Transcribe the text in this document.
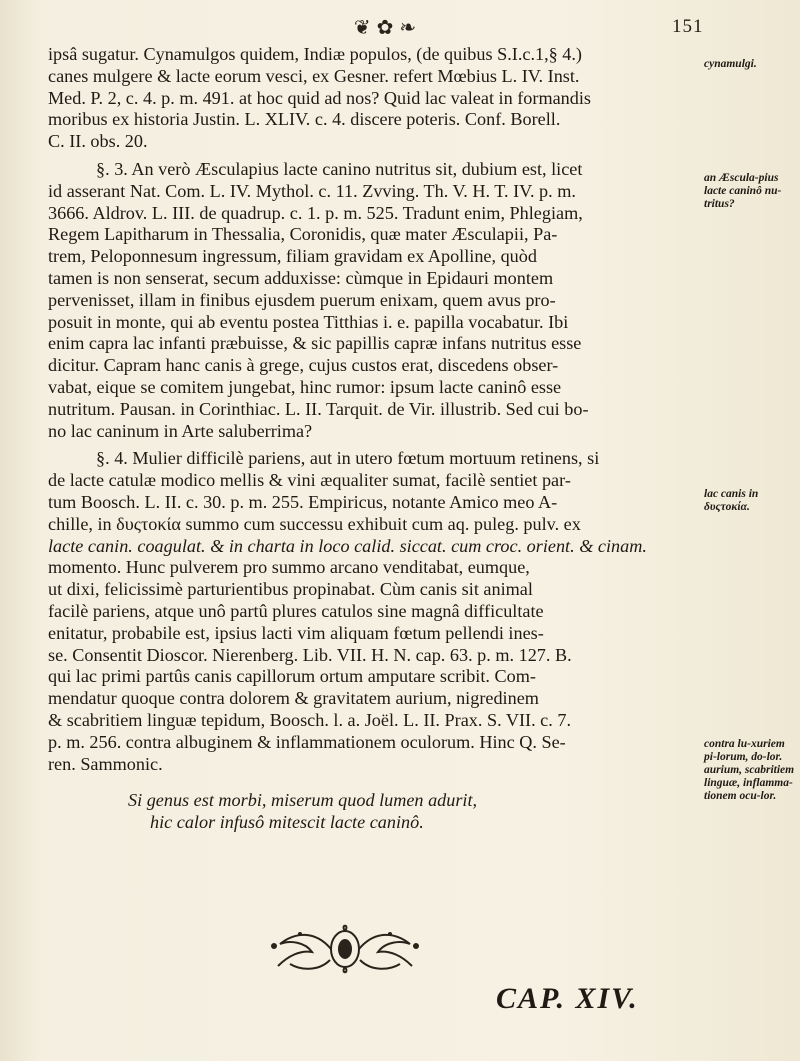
❦ ✿ ❧	151

ipsâ sugatur. Cynamulgos quidem, Indiæ populos, (de quibus S.I.c.1,§ 4.)

canes mulgere & lacte eorum vesci, ex Gesner. refert Mœbius L. IV. Inst.

Med. P. 2, c. 4. p. m. 491. at hoc quid ad nos? Quid lac valeat in formandis

moribus ex historia Justin. L. XLIV. c. 4. discere poteris. Conf. Borell.

C. II. obs. 20.

§. 3. An verò Æsculapius lacte canino nutritus sit, dubium est, licet

id asserant Nat. Com. L. IV. Mythol. c. 11. Zvving. Th. V. H. T. IV. p. m.

3666. Aldrov. L. III. de quadrup. c. 1. p. m. 525. Tradunt enim, Phlegiam,

Regem Lapitharum in Thessalia, Coronidis, quæ mater Æsculapii, Pa-

trem, Peloponnesum ingressum, filiam gravidam ex Apolline, quòd

tamen is non senserat, secum adduxisse: cùmque in Epidauri montem

pervenisset, illam in finibus ejusdem puerum enixam, quem avus pro-

posuit in monte, qui ab eventu postea Titthias i. e. papilla vocabatur. Ibi

enim capra lac infanti præbuisse, & sic papillis capræ infans nutritus esse

dicitur. Capram hanc canis à grege, cujus custos erat, discedens obser-

vabat, eique se comitem jungebat, hinc rumor: ipsum lacte caninô esse

nutritum. Pausan. in Corinthiac. L. II. Tarquit. de Vir. illustrib. Sed cui bo-

no lac caninum in Arte saluberrima?

§. 4. Mulier difficilè pariens, aut in utero fœtum mortuum retinens, si

de lacte catulæ modico mellis & vini æqualiter sumat, facilè sentiet par-

tum Boosch. L. II. c. 30. p. m. 255. Empiricus, notante Amico meo A-

chille, in δυςτοκία summo cum successu exhibuit cum aq. puleg. pulv. ex

lacte canin. coagulat. & in charta in loco calid. siccat. cum croc. orient. & cinam.

momento. Hunc pulverem pro summo arcano venditabat, eumque,

ut dixi, felicissimè parturientibus propinabat. Cùm canis sit animal

facilè pariens, atque unô partû plures catulos sine magnâ difficultate

enitatur, probabile est, ipsius lacti vim aliquam fœtum pellendi ines-

se. Consentit Dioscor. Nierenberg. Lib. VII. H. N. cap. 63. p. m. 127. B.

qui lac primi partûs canis capillorum ortum amputare scribit. Com-

mendatur quoque contra dolorem & gravitatem aurium, nigredinem

& scabritiem linguæ tepidum, Boosch. l. a. Joël. L. II. Prax. S. VII. c. 7.

p. m. 256. contra albuginem & inflammationem oculorum. Hinc Q. Se-

ren. Sammonic.

Si genus est morbi, miserum quod lumen adurit,
hic calor infusô mitescit lacte caninô.
cynamulgi.
an Æscula-pius lacte caninô nu-tritus?
lac canis in δυςτοκία.
contra lu-xuriem pi-lorum, do-lor. aurium, scabritiem linguæ, inflamma-tionem ocu-lor.
CAP. XIV.
